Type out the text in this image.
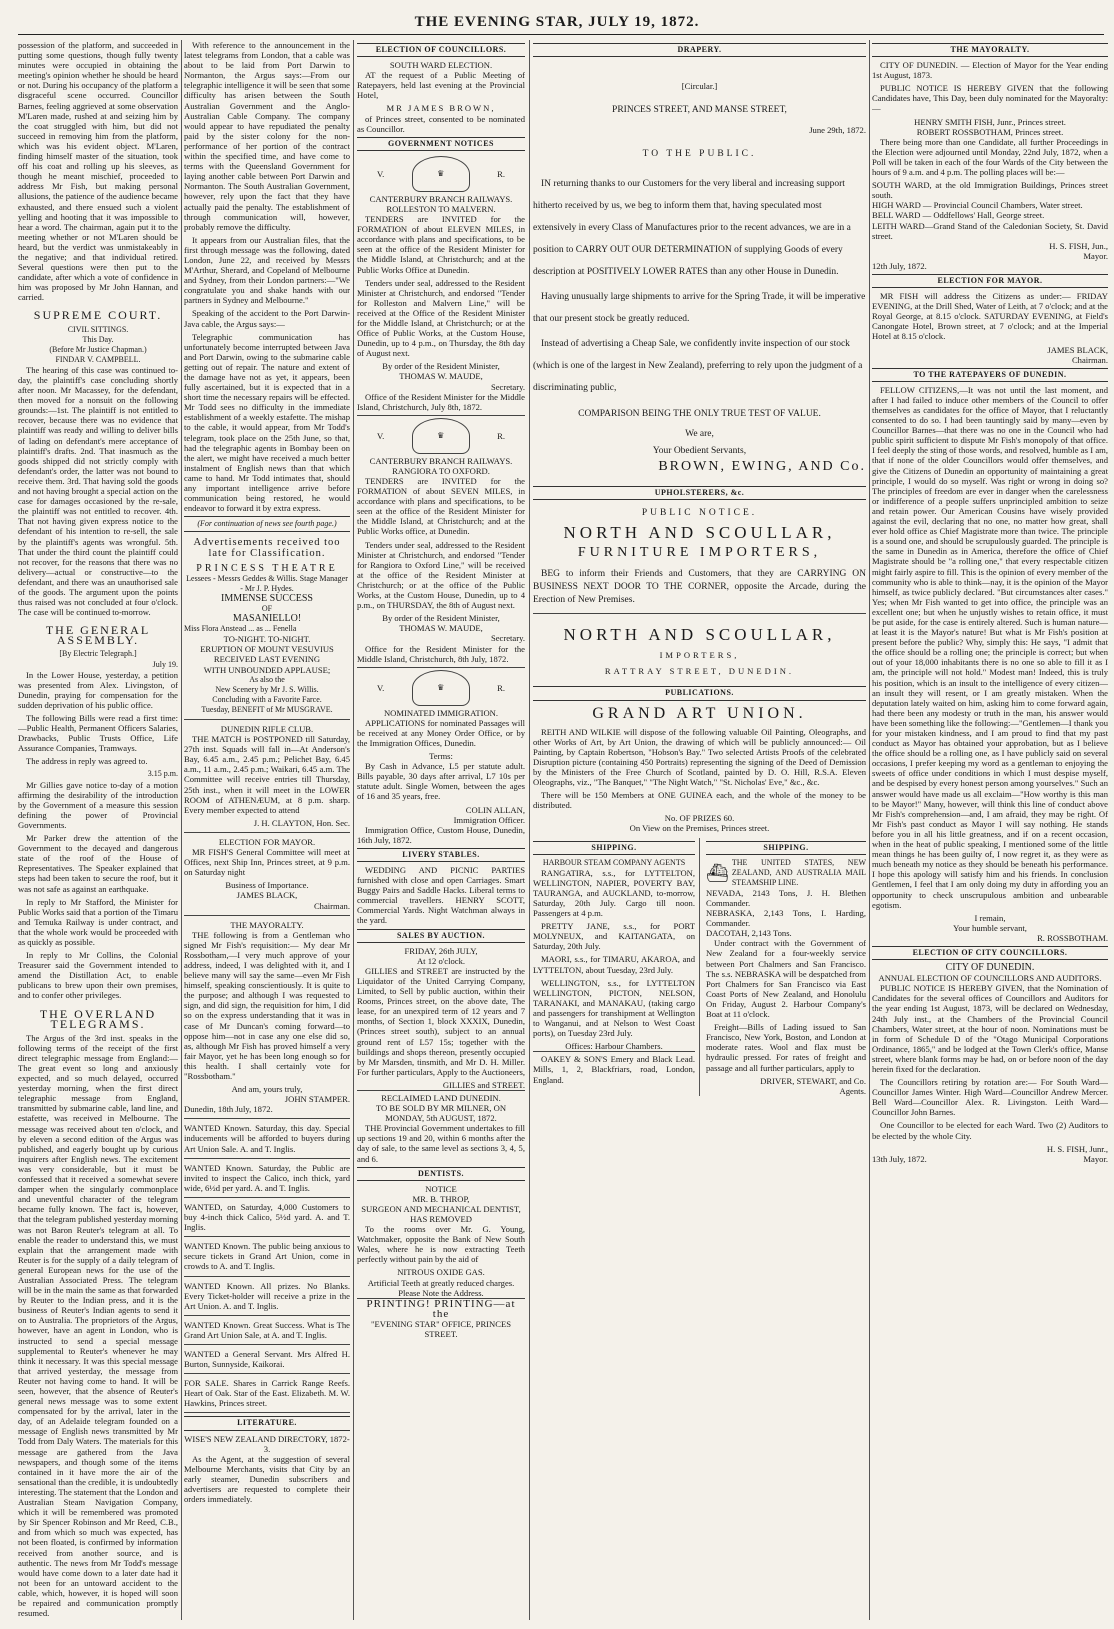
THE EVENING STAR, JULY 19, 1872.

possession of the platform, and succeeded in putting some questions, though fully twenty minutes were occupied in obtaining the meeting's opinion whether he should be heard or not. During his occupancy of the platform a disgraceful scene occurred. Councillor Barnes, feeling aggrieved at some observation M'Laren made, rushed at and seizing him by the coat struggled with him, but did not succeed in removing him from the platform, which was his evident object. M'Laren, finding himself master of the situation, took off his coat and rolling up his sleeves, as though he meant mischief, proceeded to address Mr Fish, but making personal allusions, the patience of the audience became exhausted, and there ensued such a violent yelling and hooting that it was impossible to hear a word. The chairman, again put it to the meeting whether or not M'Laren should be heard, but the verdict was unmistakeably in the negative; and that individual retired. Several questions were then put to the candidate, after which a vote of confidence in him was proposed by Mr John Hannan, and carried.

SUPREME COURT.
CIVIL SITTINGS.
This Day.
(Before Mr Justice Chapman.)
FINDAR V. CAMPBELL.

The hearing of this case was continued to-day, the plaintiff's case concluding shortly after noon. Mr Macassey, for the defendant, then moved for a nonsuit on the following grounds:—1st. The plaintiff is not entitled to recover, because there was no evidence that plaintiff was ready and willing to deliver bills of lading on defendant's mere acceptance of plaintiff's drafts. 2nd. That inasmuch as the goods shipped did not strictly comply with defendant's order, the latter was not bound to receive them. 3rd. That having sold the goods and not having brought a special action on the case for damages occasioned by the re-sale, the plaintiff was not entitled to recover. 4th. That not having given express notice to the defendant of his intention to re-sell, the sale by the plaintiff's agents was wrongful. 5th. That under the third count the plaintiff could not recover, for the reasons that there was no delivery—actual or constructive—to the defendant, and there was an unauthorised sale of the goods. The argument upon the points thus raised was not concluded at four o'clock. The case will be continued to-morrow.

THE GENERAL ASSEMBLY.
[By Electric Telegraph.]
July 19.

In the Lower House, yesterday, a petition was presented from Alex. Livingston, of Dunedin, praying for compensation for the sudden deprivation of his public office.

The following Bills were read a first time:—Public Health, Permanent Officers Salaries, Drawbacks, Public Trusts Office, Life Assurance Companies, Tramways.

The address in reply was agreed to.

3.15 p.m.

Mr Gillies gave notice to-day of a motion affirming the desirability of the introduction by the Government of a measure this session defining the power of Provincial Governments.

Mr Parker drew the attention of the Government to the decayed and dangerous state of the roof of the House of Representatives. The Speaker explained that steps had been taken to secure the roof, but it was not safe as against an earthquake.

In reply to Mr Stafford, the Minister for Public Works said that a portion of the Timaru and Temuka Railway is under contract, and that the whole work would be proceeded with as quickly as possible.

In reply to Mr Collins, the Colonial Treasurer said the Government intended to amend the Distillation Act, to enable publicans to brew upon their own premises, and to confer other privileges.

THE OVERLAND TELEGRAMS.

The Argus of the 3rd inst. speaks in the following terms of the receipt of the first direct telegraphic message from England:—The great event so long and anxiously expected, and so much delayed, occurred yesterday morning, when the first direct telegraphic message from England, transmitted by submarine cable, land line, and estafette, was received in Melbourne. The message was received about ten o'clock, and by eleven a second edition of the Argus was published, and eagerly bought up by curious inquirers after English news. The excitement was very considerable, but it must be confessed that it received a somewhat severe damper when the singularly commonplace and uneventful character of the telegram became fully known. The fact is, however, that the telegram published yesterday morning was not Baron Reuter's telegram at all. To enable the reader to understand this, we must explain that the arrangement made with Reuter is for the supply of a daily telegram of general European news for the use of the Australian Associated Press. The telegram will be in the main the same as that forwarded by Reuter to the Indian press, and it is the business of Reuter's Indian agents to send it on to Australia. The proprietors of the Argus, however, have an agent in London, who is instructed to send a special message supplemental to Reuter's whenever he may think it necessary. It was this special message that arrived yesterday, the message from Reuter not having come to hand. It will be seen, however, that the absence of Reuter's general news message was to some extent compensated for by the arrival, later in the day, of an Adelaide telegram founded on a message of English news transmitted by Mr Todd from Daly Waters. The materials for this message are gathered from the Java newspapers, and though some of the items contained in it have more the air of the sensational than the credible, it is undoubtedly interesting. The statement that the London and Australian Steam Navigation Company, which it will be remembered was promoted by Sir Spencer Robinson and Mr Reed, C.B., and from which so much was expected, has not been floated, is confirmed by information received from another source, and is authentic. The news from Mr Todd's message would have come down to a later date had it not been for an untoward accident to the cable, which, however, it is hoped will soon be repaired and communication promptly resumed.

With reference to the announcement in the latest telegrams from London, that a cable was about to be laid from Port Darwin to Normanton, the Argus says:—From our telegraphic intelligence it will be seen that some difficulty has arisen between the South Australian Government and the Anglo-Australian Cable Company. The company would appear to have repudiated the penalty paid by the sister colony for the non-performance of her portion of the contract within the specified time, and have come to terms with the Queensland Government for laying another cable between Port Darwin and Normanton. The South Australian Government, however, rely upon the fact that they have actually paid the penalty. The establishment of through communication will, however, probably remove the difficulty.

It appears from our Australian files, that the first through message was the following, dated London, June 22, and received by Messrs M'Arthur, Sherard, and Copeland of Melbourne and Sydney, from their London partners:—"We congratulate you and shake hands with our partners in Sydney and Melbourne."

Speaking of the accident to the Port Darwin-Java cable, the Argus says:—

Telegraphic communication has unfortunately become interrupted between Java and Port Darwin, owing to the submarine cable getting out of repair. The nature and extent of the damage have not as yet, it appears, been fully ascertained, but it is expected that in a short time the necessary repairs will be effected. Mr Todd sees no difficulty in the immediate establishment of a weekly estafette. The mishap to the cable, it would appear, from Mr Todd's telegram, took place on the 25th June, so that, had the telegraphic agents in Bombay been on the alert, we might have received a much better instalment of English news than that which came to hand. Mr Todd intimates that, should any important intelligence arrive before communication being restored, he would endeavor to forward it by extra express.

(For continuation of news see fourth page.)
Advertisements received too late for Classification.
PRINCESS THEATRE
Lessees - Messrs Geddes & Willis. Stage Manager - Mr J. P. Hydes.
IMMENSE SUCCESS
OF
MASANIELLO!
Miss Flora Anstead ... as ... Fenella
TO-NIGHT. TO-NIGHT.
ERUPTION OF MOUNT VESUVIUS
RECEIVED LAST EVENING
WITH UNBOUNDED APPLAUSE;
As also the
New Scenery by Mr J. S. Willis.
Concluding with a Favorite Farce.
Tuesday, BENEFIT of Mr MUSGRAVE.
DUNEDIN RIFLE CLUB.

THE MATCH is POSTPONED till Saturday, 27th inst. Squads will fall in—At Anderson's Bay, 6.45 a.m., 2.45 p.m.; Pelichet Bay, 6.45 a.m., 11 a.m., 2.45 p.m.; Waikari, 6.45 a.m. The Committee will receive entries till Thursday, 25th inst., when it will meet in the LOWER ROOM of ATHENÆUM, at 8 p.m. sharp. Every member expected to attend

J. H. CLAYTON, Hon. Sec.
ELECTION FOR MAYOR.

MR FISH'S General Committee will meet at Offices, next Ship Inn, Princes street, at 9 p.m. on Saturday night

Business of Importance.
JAMES BLACK,
Chairman.
THE MAYORALTY.

THE following is from a Gentleman who signed Mr Fish's requisition:— My dear Mr Rossbotham,—I very much approve of your address, indeed, I was delighted with it, and I believe many will say the same—even Mr Fish himself, speaking conscientiously. It is quite to the purpose; and although I was requested to sign, and did sign, the requisition for him, I did so on the express understanding that it was in case of Mr Duncan's coming forward—to oppose him—not in case any one else did so, as, although Mr Fish has proved himself a very fair Mayor, yet he has been long enough so for this health. I shall certainly vote for "Rossbotham."

And am, yours truly,
JOHN STAMPER.
Dunedin, 18th July, 1872.
WANTED Known. Saturday, this day. Special inducements will be afforded to buyers during Art Union Sale. A. and T. Inglis.
WANTED Known. Saturday, the Public are invited to inspect the Calico, inch thick, yard wide, 6½d per yard. A. and T. Inglis.
WANTED, on Saturday, 4,000 Customers to buy 4-inch thick Calico, 5½d yard. A. and T. Inglis.
WANTED Known. The public being anxious to secure tickets in Grand Art Union, come in crowds to A. and T. Inglis.
WANTED Known. All prizes. No Blanks. Every Ticket-holder will receive a prize in the Art Union. A. and T. Inglis.
WANTED Known. Great Success. What is The Grand Art Union Sale, at A. and T. Inglis.
WANTED a General Servant. Mrs Alfred H. Burton, Sunnyside, Kaikorai.
FOR SALE. Shares in Carrick Range Reefs. Heart of Oak. Star of the East. Elizabeth. M. W. Hawkins, Princes street.
LITERATURE.
WISE'S NEW ZEALAND DIRECTORY, 1872-3.

As the Agent, at the suggestion of several Melbourne Merchants, visits that City by an early steamer, Dunedin subscribers and advertisers are requested to complete their orders immediately.

ELECTION OF COUNCILLORS.
SOUTH WARD ELECTION.

AT the request of a Public Meeting of Ratepayers, held last evening at the Provincial Hotel,

MR JAMES BROWN,

of Princes street, consented to be nominated as Councillor.

GOVERNMENT NOTICES
V.	♛	R.
CANTERBURY BRANCH RAILWAYS.
ROLLESTON TO MALVERN.

TENDERS are INVITED for the FORMATION of about ELEVEN MILES, in accordance with plans and specifications, to be seen at the office of the Resident Minister for the Middle Island, at Christchurch; and at the Public Works Office at Dunedin.

Tenders under seal, addressed to the Resident Minister at Christchurch, and endorsed "Tender for Rolleston and Malvern Line," will be received at the Office of the Resident Minister for the Middle Island, at Christchurch; or at the Office of Public Works, at the Custom House, Dunedin, up to 4 p.m., on Thursday, the 8th day of August next.

By order of the Resident Minister,
THOMAS W. MAUDE,
Secretary.

Office of the Resident Minister for the Middle Island, Christchurch, July 8th, 1872.

V.	♛	R.
CANTERBURY BRANCH RAILWAYS.
RANGIORA TO OXFORD.

TENDERS are INVITED for the FORMATION of about SEVEN MILES, in accordance with plans and specifications, to be seen at the office of the Resident Minister for the Middle Island, at Christchurch; and at the Public Works office, at Dunedin.

Tenders under seal, addressed to the Resident Minister at Christchurch, and endorsed "Tender for Rangiora to Oxford Line," will be received at the office of the Resident Minister at Christchurch; or at the office of the Public Works, at the Custom House, Dunedin, up to 4 p.m., on THURSDAY, the 8th of August next.

By order of the Resident Minister,
THOMAS W. MAUDE,
Secretary.

Office for the Resident Minister for the Middle Island, Christchurch, 8th July, 1872.

V.	♛	R.
NOMINATED IMMIGRATION.

APPLICATIONS for nominated Passages will be received at any Money Order Office, or by the Immigration Offices, Dunedin.

Terms:

By Cash in Advance, L5 per statute adult. Bills payable, 30 days after arrival, L7 10s per statute adult. Single Women, between the ages of 16 and 35 years, free.

COLIN ALLAN,
Immigration Officer.

Immigration Office, Custom House, Dunedin, 16th July, 1872.

LIVERY STABLES.

WEDDING AND PICNIC PARTIES furnished with close and open Carriages. Smart Buggy Pairs and Saddle Hacks. Liberal terms to commercial travellers. HENRY SCOTT, Commercial Yards. Night Watchman always in the yard.

SALES BY AUCTION.
FRIDAY, 26th JULY,
At 12 o'clock.

GILLIES and STREET are instructed by the Liquidator of the United Carrying Company, Limited, to Sell by public auction, within their Rooms, Princes street, on the above date, The lease, for an unexpired term of 12 years and 7 months, of Section 1, block XXXIX, Dunedin, (Princes street south), subject to an annual ground rent of L57 15s; together with the buildings and shops thereon, presently occupied by Mr Marsden, tinsmith, and Mr D. H. Miller. For further particulars, Apply to the Auctioneers,

GILLIES and STREET.
RECLAIMED LAND DUNEDIN.
TO BE SOLD BY MR MILNER, ON MONDAY, 5th AUGUST, 1872.

THE Provincial Government undertakes to fill up sections 19 and 20, within 6 months after the day of sale, to the same level as sections 3, 4, 5, and 6.

DENTISTS.
NOTICE
MR. B. THROP,
SURGEON AND MECHANICAL DENTIST,
HAS REMOVED

To the rooms over Mr. G. Young, Watchmaker, opposite the Bank of New South Wales, where he is now extracting Teeth perfectly without pain by the aid of

NITROUS OXIDE GAS.
Artificial Teeth at greatly reduced charges. Please Note the Address.
PRINTING! PRINTING—at the
"EVENING STAR" OFFICE, PRINCES STREET.
DRAPERY.
[Circular.]
PRINCES STREET, AND MANSE STREET,
June 29th, 1872.
TO THE PUBLIC.

IN returning thanks to our Customers for the very liberal and increasing support hitherto received by us, we beg to inform them that, having speculated most extensively in every Class of Manufactures prior to the recent advances, we are in a position to CARRY OUT OUR DETERMINATION of supplying Goods of every description at POSITIVELY LOWER RATES than any other House in Dunedin.

Having unusually large shipments to arrive for the Spring Trade, it will be imperative that our present stock be greatly reduced.

Instead of advertising a Cheap Sale, we confidently invite inspection of our stock (which is one of the largest in New Zealand), preferring to rely upon the judgment of a discriminating public,

COMPARISON BEING THE ONLY TRUE TEST OF VALUE.
We are,
Your Obedient Servants,
BROWN, EWING, AND Co.
UPHOLSTERERS, &c.
PUBLIC NOTICE.
NORTH AND SCOULLAR,
FURNITURE IMPORTERS,

BEG to inform their Friends and Customers, that they are CARRYING ON BUSINESS NEXT DOOR TO THE CORNER, opposite the Arcade, during the Erection of New Premises.

NORTH AND SCOULLAR,
IMPORTERS,
RATTRAY STREET, DUNEDIN.
PUBLICATIONS.
GRAND ART UNION.

REITH AND WILKIE will dispose of the following valuable Oil Painting, Oleographs, and other Works of Art, by Art Union, the drawing of which will be publicly announced:— Oil Painting, by Captain Robertson, "Hobson's Bay." Two selected Artists Proofs of the celebrated Disruption picture (containing 450 Portraits) representing the signing of the Deed of Demission by the Ministers of the Free Church of Scotland, painted by D. O. Hill, R.S.A. Eleven Oleographs, viz., "The Banquet," "The Night Watch," "St. Nicholas' Eve," &c., &c.

There will be 150 Members at ONE GUINEA each, and the whole of the money to be distributed.

No. OF PRIZES 60.
On View on the Premises, Princes street.
SHIPPING.
HARBOUR STEAM COMPANY AGENTS

RANGATIRA, s.s., for LYTTELTON, WELLINGTON, NAPIER, POVERTY BAY, TAURANGA, and AUCKLAND, to-morrow, Saturday, 20th July. Cargo till noon. Passengers at 4 p.m.

PRETTY JANE, s.s., for PORT MOLYNEUX, and KAITANGATA, on Saturday, 20th July.

MAORI, s.s., for TIMARU, AKAROA, and LYTTELTON, about Tuesday, 23rd July.

WELLINGTON, s.s., for LYTTELTON WELLINGTON, PICTON, NELSON, TARANAKI, and MANAKAU, (taking cargo and passengers for transhipment at Wellington to Wanganui, and at Nelson to West Coast ports), on Tuesday 23rd July.

Offices: Harbour Chambers.

OAKEY & SON'S Emery and Black Lead. Mills, 1, 2, Blackfriars, road, London, England.

SHIPPING.
⛴
THE UNITED STATES, NEW ZEALAND, AND AUSTRALIA MAIL STEAMSHIP LINE.
NEVADA, 2143 Tons, J. H. Blethen Commander.
NEBRASKA, 2,143 Tons, I. Harding, Commander.
DACOTAH, 2,143 Tons.

Under contract with the Government of New Zealand for a four-weekly service between Port Chalmers and San Francisco. The s.s. NEBRASKA will be despatched from Port Chalmers for San Francisco via East Coast Ports of New Zealand, and Honolulu On Friday, August 2. Harbour Company's Boat at 11 o'clock.

Freight—Bills of Lading issued to San Francisco, New York, Boston, and London at moderate rates. Wool and flax must be hydraulic pressed. For rates of freight and passage and all further particulars, apply to

DRIVER, STEWART, and Co.
Agents.
THE MAYORALTY.

CITY OF DUNEDIN. — Election of Mayor for the Year ending 1st August, 1873.

PUBLIC NOTICE IS HEREBY GIVEN that the following Candidates have, This Day, been duly nominated for the Mayoralty:—

HENRY SMITH FISH, Junr., Princes street.
ROBERT ROSSBOTHAM, Princes street.

There being more than one Candidate, all further Proceedings in the Election were adjourned until Monday, 22nd July, 1872, when a Poll will be taken in each of the four Wards of the City between the hours of 9 a.m. and 4 p.m. The polling places will be:—

SOUTH WARD, at the old Immigration Buildings, Princes street south.
HIGH WARD — Provincial Council Chambers, Water street.
BELL WARD — Oddfellows' Hall, George street.
LEITH WARD—Grand Stand of the Caledonian Society, St. David street.
H. S. FISH, Jun.,
Mayor.
12th July, 1872.
ELECTION FOR MAYOR.

MR FISH will address the Citizens as under:— FRIDAY EVENING, at the Drill Shed, Water of Leith, at 7 o'clock; and at the Royal George, at 8.15 o'clock. SATURDAY EVENING, at Field's Canongate Hotel, Brown street, at 7 o'clock; and at the Imperial Hotel at 8.15 o'clock.

JAMES BLACK,
Chairman.
TO THE RATEPAYERS OF DUNEDIN.

FELLOW CITIZENS,—It was not until the last moment, and after I had failed to induce other members of the Council to offer themselves as candidates for the office of Mayor, that I reluctantly consented to do so. I had been tauntingly said by many—even by Councillor Barnes—that there was no one in the Council who had public spirit sufficient to dispute Mr Fish's monopoly of that office. I feel deeply the sting of those words, and resolved, humble as I am, that if none of the older Councillors would offer themselves, and give the Citizens of Dunedin an opportunity of maintaining a great principle, I would do so myself. Was right or wrong in doing so? The principles of freedom are ever in danger when the carelessness or indifference of a people suffers unprincipled ambition to seize and retain power. Our American Cousins have wisely provided against the evil, declaring that no one, no matter how great, shall ever hold office as Chief Magistrate more than twice. The principle is a sound one, and should be scrupulously guarded. The principle is the same in Dunedin as in America, therefore the office of Chief Magistrate should be "a rolling one," that every respectable citizen might fairly aspire to fill. This is the opinion of every member of the community who is able to think—nay, it is the opinion of the Mayor himself, as twice publicly declared. "But circumstances alter cases." Yes; when Mr Fish wanted to get into office, the principle was an excellent one; but when he unjustly wishes to retain office, it must be put aside, for the case is entirely altered. Such is human nature—at least it is the Mayor's nature! But what is Mr Fish's position at present before the public? Why, simply this: He says, "I admit that the office should be a rolling one; the principle is correct; but when out of your 18,000 inhabitants there is no one so able to fill it as I am, the principle will not hold." Modest man! Indeed, this is truly his position, which is an insult to the intelligence of every citizen—an insult they will resent, or I am greatly mistaken. When the deputation lately waited on him, asking him to come forward again, had there been any modesty or truth in the man, his answer would have been something like the following:—"Gentlemen—I thank you for your mistaken kindness, and I am proud to find that my past conduct as Mayor has obtained your approbation, but as I believe the office should be a rolling one, as I have publicly said on several occasions, I prefer keeping my word as a gentleman to enjoying the sweets of office under conditions in which I must despise myself, and be despised by every honest person among yourselves." Such an answer would have made us all exclaim—"How worthy is this man to be Mayor!" Many, however, will think this line of conduct above Mr Fish's comprehension—and, I am afraid, they may be right. Of Mr Fish's past conduct as Mayor I will say nothing. He stands before you in all his little greatness, and if on a recent occasion, when in the heat of public speaking, I mentioned some of the little mean things he has been guilty of, I now regret it, as they were as much beneath my notice as they should be beneath his performance. I hope this apology will satisfy him and his friends. In conclusion Gentlemen, I feel that I am only doing my duty in affording you an opportunity to check unscrupulous ambition and unbearable egotism.

I remain,
Your humble servant,
R. ROSSBOTHAM.
ELECTION OF CITY COUNCILLORS.
CITY OF DUNEDIN.
ANNUAL ELECTION OF COUNCILLORS AND AUDITORS.

PUBLIC NOTICE IS HEREBY GIVEN, that the Nomination of Candidates for the several offices of Councillors and Auditors for the year ending 1st August, 1873, will be declared on Wednesday, 24th July inst., at the Chambers of the Provincial Council Chambers, Water street, at the hour of noon. Nominations must be in form of Schedule D of the "Otago Municipal Corporations Ordinance, 1865," and be lodged at the Town Clerk's office, Manse street, where blank forms may be had, on or before noon of the day herein fixed for the declaration.

The Councillors retiring by rotation are:— For South Ward—Councillor James Winter. High Ward—Councillor Andrew Mercer. Bell Ward—Councillor Alex. R. Livingston. Leith Ward—Councillor John Barnes.

One Councillor to be elected for each Ward. Two (2) Auditors to be elected by the whole City.

H. S. FISH, Junr.,
13th July, 1872.	Mayor.
